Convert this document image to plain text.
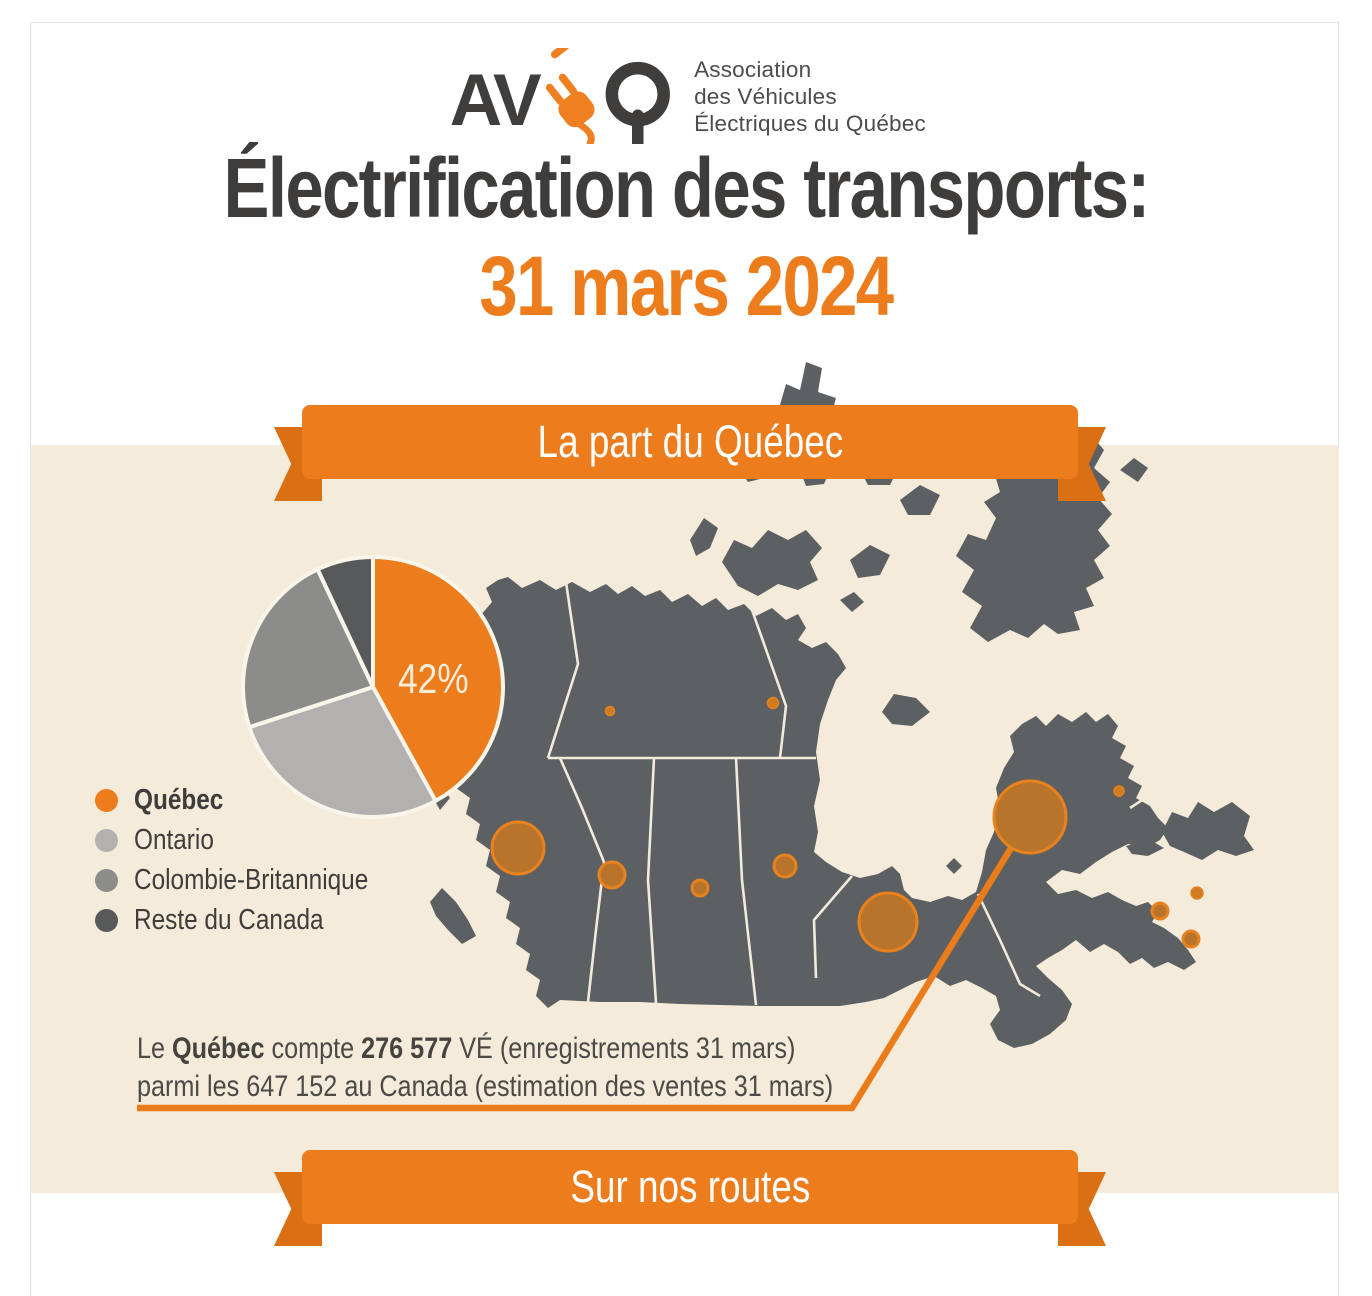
AV	Association
des Véhicules
Électriques du Québec
Électrification des transports:
31 mars 2024
La part du Québec
42%
Québec
Ontario
Colombie-Britannique
Reste du Canada
Le Québec compte 276 577 VÉ (enregistrements 31 mars) parmi les 647 152 au Canada (estimation des ventes 31 mars)
Sur nos routes
